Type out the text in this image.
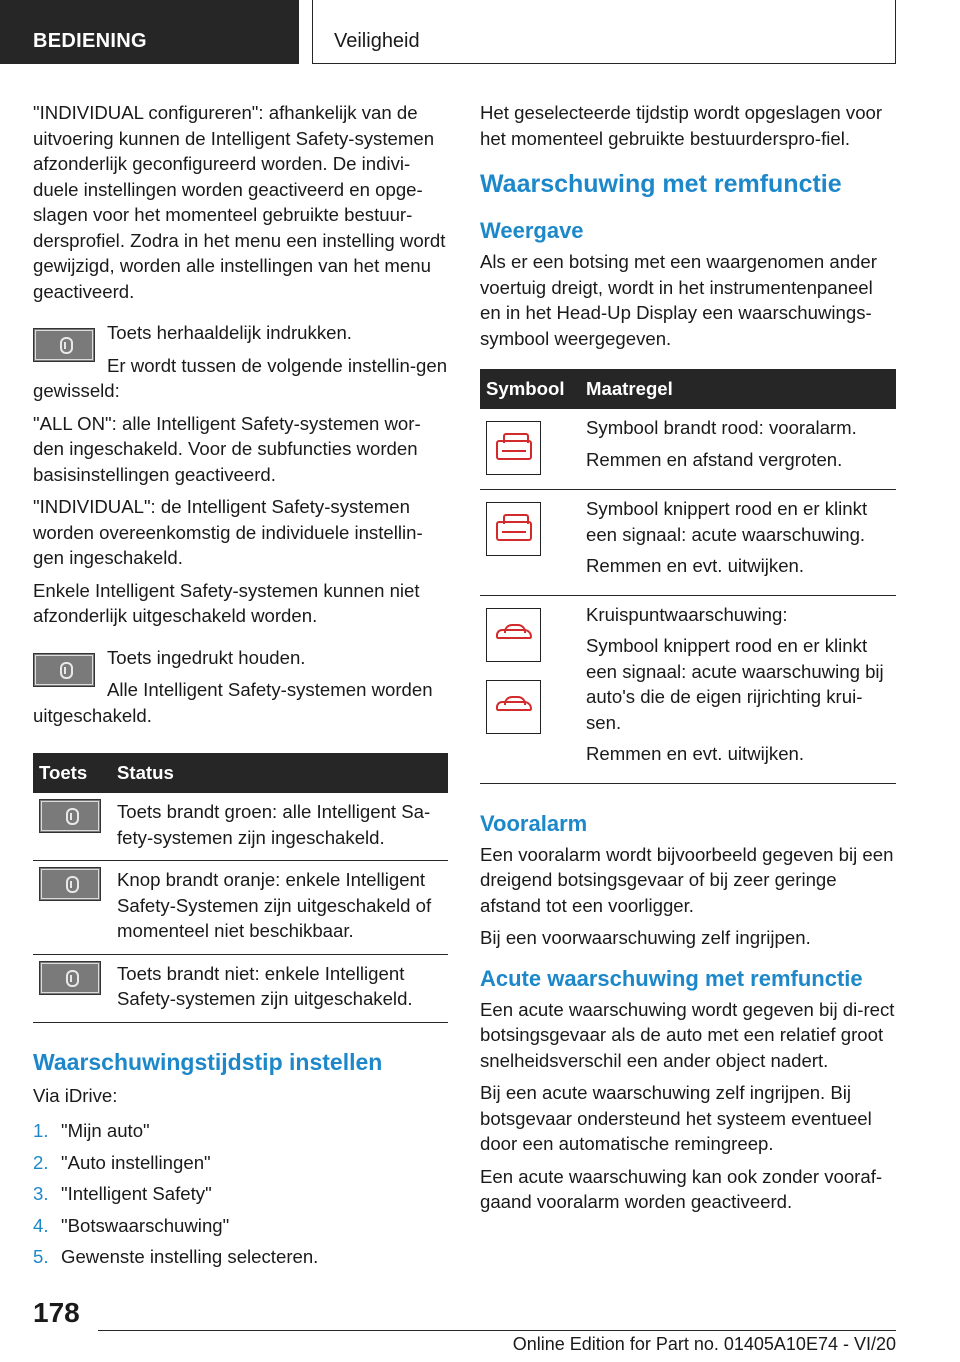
BEDIENING	Veiligheid

"INDIVIDUAL configureren": afhankelijk van de uitvoering kunnen de Intelligent Safety-systemen afzonderlijk geconfigureerd worden. De indivi-duele instellingen worden geactiveerd en opge-slagen voor het momenteel gebruikte bestuur-dersprofiel. Zodra in het menu een instelling wordt gewijzigd, worden alle instellingen van het menu geactiveerd.

Toets herhaaldelijk indrukken.

Er wordt tussen de volgende instellin-gen gewisseld:

"ALL ON": alle Intelligent Safety-systemen wor-den ingeschakeld. Voor de subfuncties worden basisinstellingen geactiveerd.

"INDIVIDUAL": de Intelligent Safety-systemen worden overeenkomstig de individuele instellin-gen ingeschakeld.

Enkele Intelligent Safety-systemen kunnen niet afzonderlijk uitgeschakeld worden.

Toets ingedrukt houden.

Alle Intelligent Safety-systemen worden uitgeschakeld.

Toets	Status

	Toets brandt groen: alle Intelligent Sa-fety-systemen zijn ingeschakeld.

	Knop brandt oranje: enkele Intelligent Safety-Systemen zijn uitgeschakeld of momenteel niet beschikbaar.

	Toets brandt niet: enkele Intelligent Safety-systemen zijn uitgeschakeld.
Waarschuwingstijdstip instellen

Via iDrive:

1. "Mijn auto"
2. "Auto instellingen"
3. "Intelligent Safety"
4. "Botswaarschuwing"
5. Gewenste instelling selecteren.

Het geselecteerde tijdstip wordt opgeslagen voor het momenteel gebruikte bestuurderspro-fiel.

Waarschuwing met remfunctie
Weergave

Als er een botsing met een waargenomen ander voertuig dreigt, wordt in het instrumentenpaneel en in het Head-Up Display een waarschuwings-symbool weergegeven.

Symbool	Maatregel

	Symbool brandt rood: vooralarm.

Remmen en afstand vergroten.

	Symbool knippert rood en er klinkt een signaal: acute waarschuwing.

Remmen en evt. uitwijken.

	Kruispuntwaarschuwing:

Symbool knippert rood en er klinkt een signaal: acute waarschuwing bij auto's die de eigen rijrichting krui-sen.

Remmen en evt. uitwijken.

Vooralarm

Een vooralarm wordt bijvoorbeeld gegeven bij een dreigend botsingsgevaar of bij zeer geringe afstand tot een voorligger.

Bij een voorwaarschuwing zelf ingrijpen.

Acute waarschuwing met remfunctie

Een acute waarschuwing wordt gegeven bij di-rect botsingsgevaar als de auto met een relatief groot snelheidsverschil een ander object nadert.

Bij een acute waarschuwing zelf ingrijpen. Bij botsgevaar ondersteund het systeem eventueel door een automatische remingreep.

Een acute waarschuwing kan ook zonder vooraf-gaand vooralarm worden geactiveerd.

178
Online Edition for Part no. 01405A10E74 - VI/20
